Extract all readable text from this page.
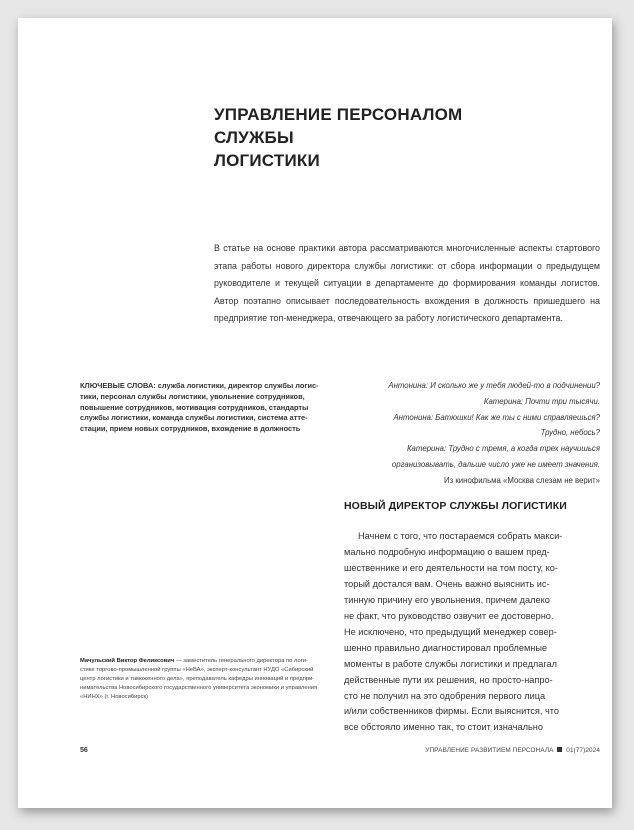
УПРАВЛЕНИЕ ПЕРСОНАЛОМ СЛУЖБЫ
ЛОГИСТИКИ

В статье на основе практики автора рассматриваются многочисленные аспекты стартового этапа работы нового директора службы логистики: от сбора информации о предыдущем руководителе и текущей ситуации в департаменте до формирования команды логистов. Автор поэтапно описывает последовательность вхождения в должность пришедшего на предприятие топ-менеджера, отвечающего за работу логистического департамента.

КЛЮЧЕВЫЕ СЛОВА: служба логистики, директор службы логис-
тики, персонал службы логистики, увольнение сотрудников,
повышение сотрудников, мотивация сотрудников, стандарты
службы логистики, команда службы логистики, система атте-
стации, прием новых сотрудников, вхождение в должность

Антонина: И сколько же у тебя людей-то в подчинении?
Катерина: Почти три тысячи.
Антонина: Батюшки! Как же ты с ними справляешься?
Трудно, небось?
Катерина: Трудно с тремя, а когда трех научишься
организовывать, дальше число уже не имеет значения.
Из кинофильма «Москва слезам не верит»
НОВЫЙ ДИРЕКТОР СЛУЖБЫ ЛОГИСТИКИ
Начнем с того, что постараемся собрать макси-
мально подробную информацию о вашем пред-
шественнике и его деятельности на том посту, ко-
торый достался вам. Очень важно выяснить ис-
тинную причину его увольнения, причем далеко
не факт, что руководство озвучит ее достоверно.
Не исключено, что предыдущий менеджер совер-
шенно правильно диагностировал проблемные
моменты в работе службы логистики и предлагал
действенные пути их решения, но просто-напро-
сто не получил на это одобрения первого лица
и/или собственников фирмы. Если выяснится, что
все обстояло именно так, то стоит изначально

Мачульский Виктор Феликсович — заместитель генерального директора по логи-
стике торгово-промышленной группы «НеВА», эксперт-консультант НУДО «Сибирский
центр логистики и таможенного дела», преподаватель кафедры инноваций и предпри-
нимательства Новосибирского государственного университета экономики и управления
«НИНХ» (г. Новосибирск)

56	УПРАВЛЕНИЕ РАЗВИТИЕМ ПЕРСОНАЛА 01(77)2024
